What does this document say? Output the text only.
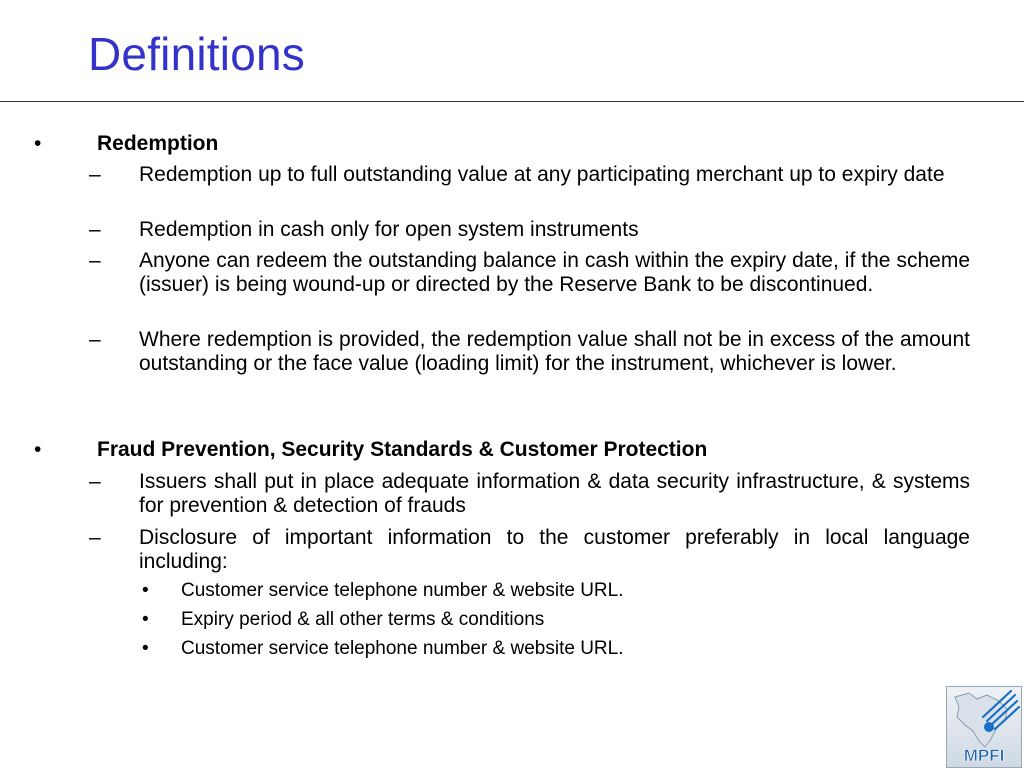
Definitions
•	Redemption
– Redemption up to full outstanding value at any participating merchant up to expiry date
– Redemption in cash only for open system instruments
– Anyone can redeem the outstanding balance in cash within the expiry date, if the scheme (issuer) is being wound-up or directed by the Reserve Bank to be discontinued.
– Where redemption is provided, the redemption value shall not be in excess of the amount outstanding or the face value (loading limit) for the instrument, whichever is lower.
•	Fraud Prevention, Security Standards & Customer Protection
– Issuers shall put in place adequate information & data security infrastructure, & systems for prevention & detection of frauds
– Disclosure of important information to the customer preferably in local language including:
• Customer service telephone number & website URL.
• Expiry period & all other terms & conditions
• Customer service telephone number & website URL.
MPFI
